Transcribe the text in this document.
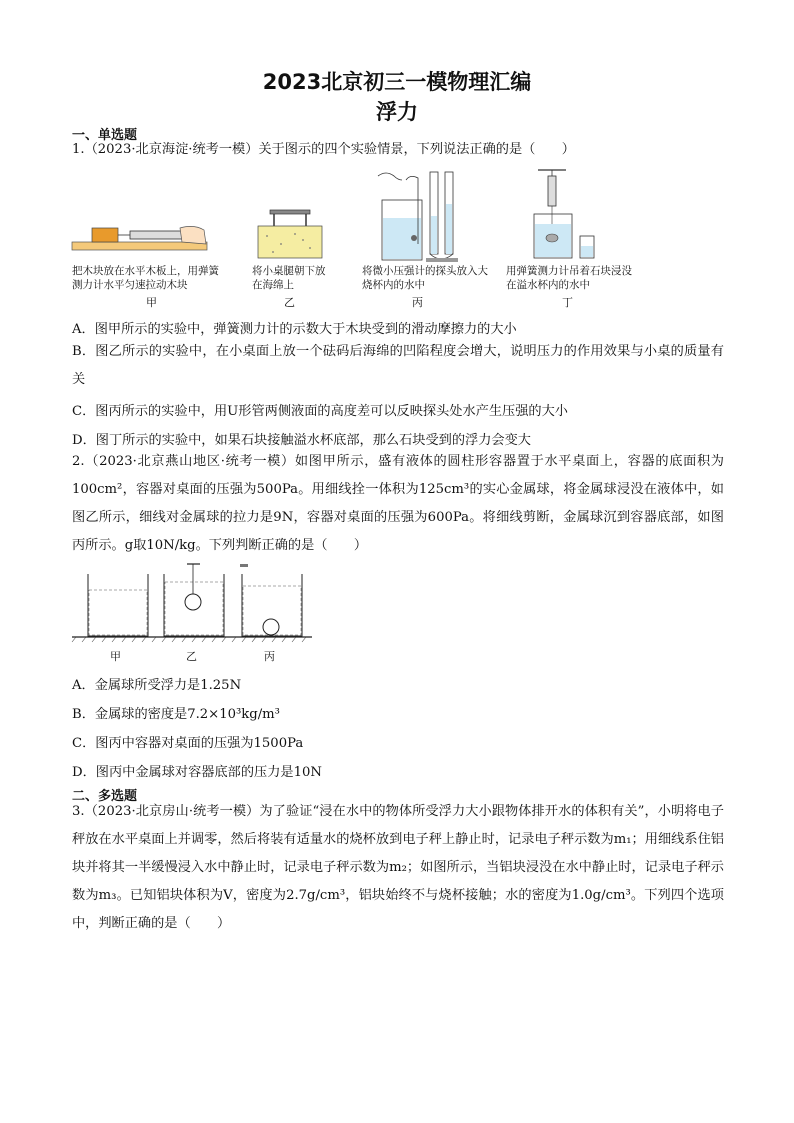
2023北京初三一模物理汇编
浮力
一、单选题

1.（2023·北京海淀·统考一模）关于图示的四个实验情景，下列说法正确的是（　　）

把木块放在水平木板上，用弹簧测力计水平匀速拉动木块
甲
将小桌腿朝下放在海绵上
乙
将微小压强计的探头放入大烧杯内的水中
丙
用弹簧测力计吊着石块浸没在溢水杯内的水中
丁
A．图甲所示的实验中，弹簧测力计的示数大于木块受到的滑动摩擦力的大小

B．图乙所示的实验中，在小桌面上放一个砝码后海绵的凹陷程度会增大，说明压力的作用效果与小桌的质量有关

C．图丙所示的实验中，用U形管两侧液面的高度差可以反映探头处水产生压强的大小
D．图丁所示的实验中，如果石块接触溢水杯底部，那么石块受到的浮力会变大

2.（2023·北京燕山地区·统考一模）如图甲所示，盛有液体的圆柱形容器置于水平桌面上，容器的底面积为100cm²，容器对桌面的压强为500Pa。用细线拴一体积为125cm³的实心金属球，将金属球浸没在液体中，如图乙所示，细线对金属球的拉力是9N，容器对桌面的压强为600Pa。将细线剪断，金属球沉到容器底部，如图丙所示。g取10N/kg。下列判断正确的是（　　）

甲	乙	丙
A．金属球所受浮力是1.25N
B．金属球的密度是7.2×10³kg/m³
C．图丙中容器对桌面的压强为1500Pa
D．图丙中金属球对容器底部的压力是10N
二、多选题

3.（2023·北京房山·统考一模）为了验证“浸在水中的物体所受浮力大小跟物体排开水的体积有关”，小明将电子秤放在水平桌面上并调零，然后将装有适量水的烧杯放到电子秤上静止时，记录电子秤示数为m₁；用细线系住铝块并将其一半缓慢浸入水中静止时，记录电子秤示数为m₂；如图所示，当铝块浸没在水中静止时，记录电子秤示数为m₃。已知铝块体积为V，密度为2.7g/cm³，铝块始终不与烧杯接触；水的密度为1.0g/cm³。下列四个选项中，判断正确的是（　　）
